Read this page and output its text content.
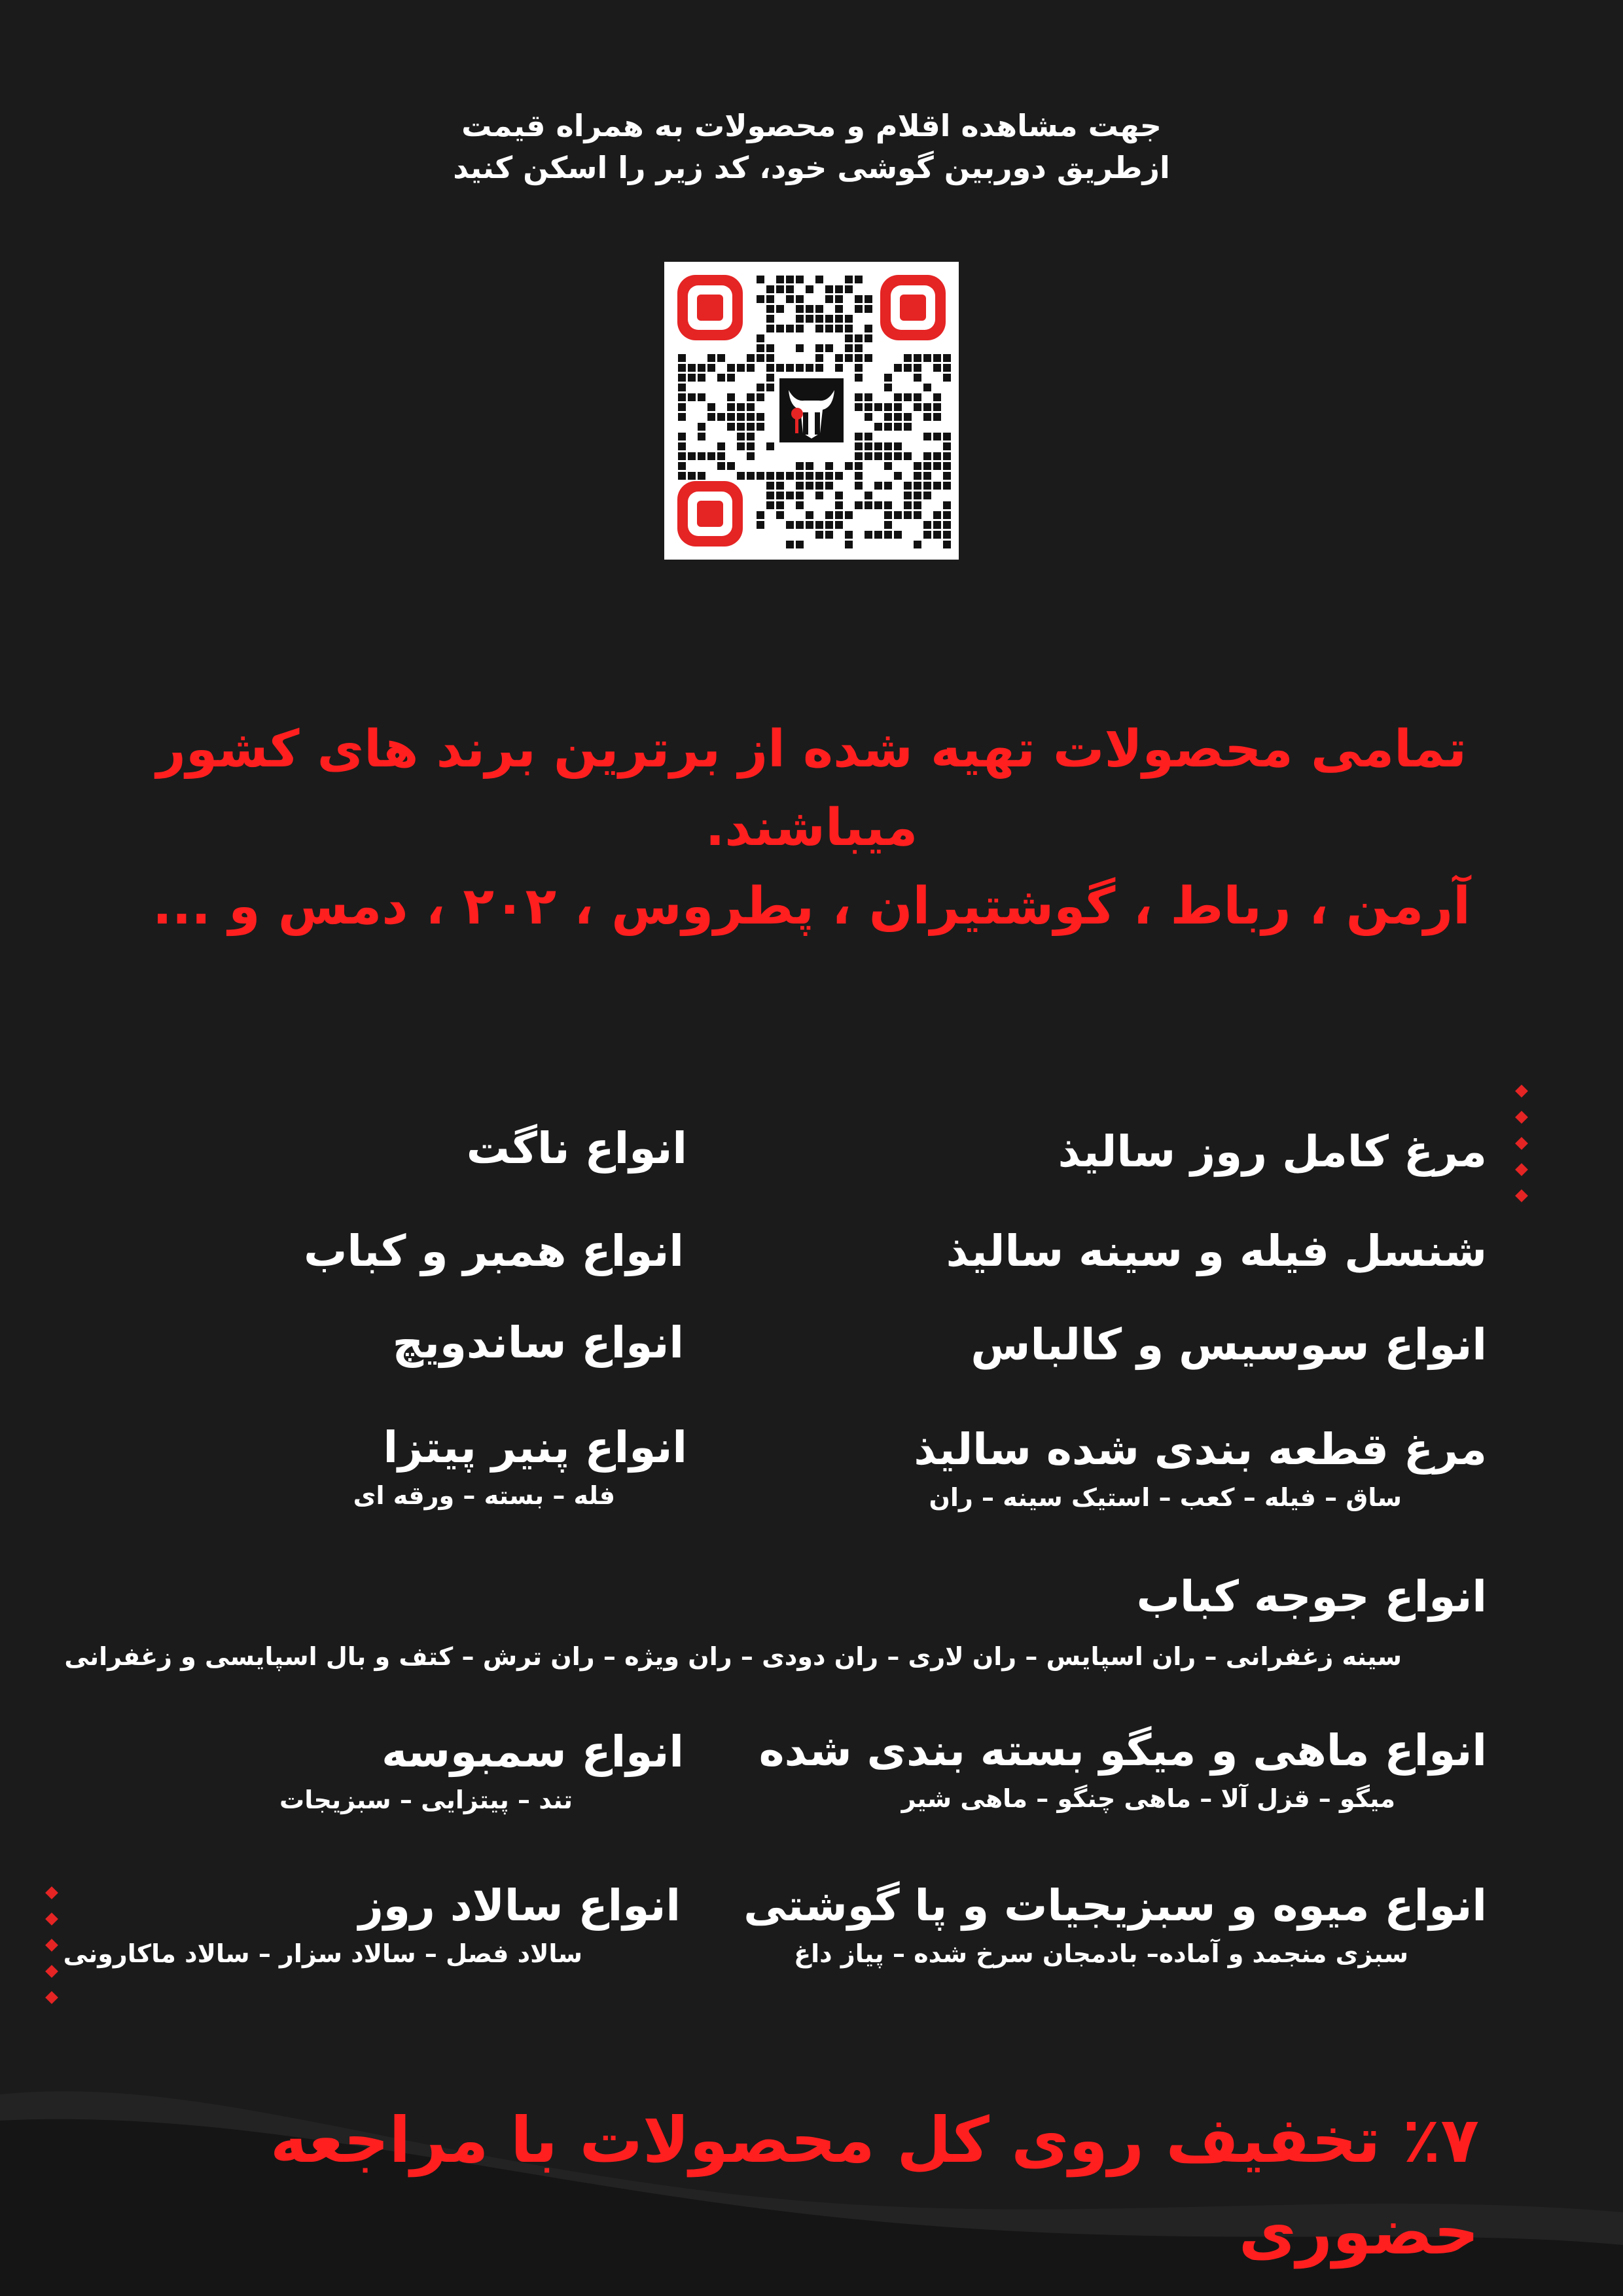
جهت مشاهده اقلام و محصولات به همراه قیمت
ازطریق دوربین گوشی خود، کد زیر را اسکن کنید
تمامی محصولات تهیه شده از برترین برند های کشور میباشند.
آرمن ، رباط ، گوشتیران ، پطروس ، ۲۰۲ ، دمس و ...
مرغ کامل روز سالیذ
شنسل فیله و سینه سالیذ
انواع سوسیس و کالباس
مرغ قطعه بندی شده سالیذ
ساق – فیله – کعب – استیک سینه – ران
انواع جوجه کباب
سینه زغفرانی – ران اسپایس – ران لاری – ران دودی – ران ویژه – ران ترش – کتف و بال اسپایسی و زغفرانی
انواع ماهی و میگو بسته بندی شده
میگو – قزل آلا – ماهی چنگو – ماهی شیر
انواع میوه و سبزیجیات و پا گوشتی
سبزی منجمد و آماده– بادمجان سرخ شده – پیاز داغ
انواع ناگت
انواع همبر و کباب
انواع ساندویچ
انواع پنیر پیتزا
فله – بسته – ورقه ای
انواع سمبوسه
تند – پیتزایی – سبزیجات
انواع سالاد روز
سالاد فصل – سالاد سزار – سالاد ماکارونی
٪۷ تخفیف روی کل محصولات با مراجعه حضوری
